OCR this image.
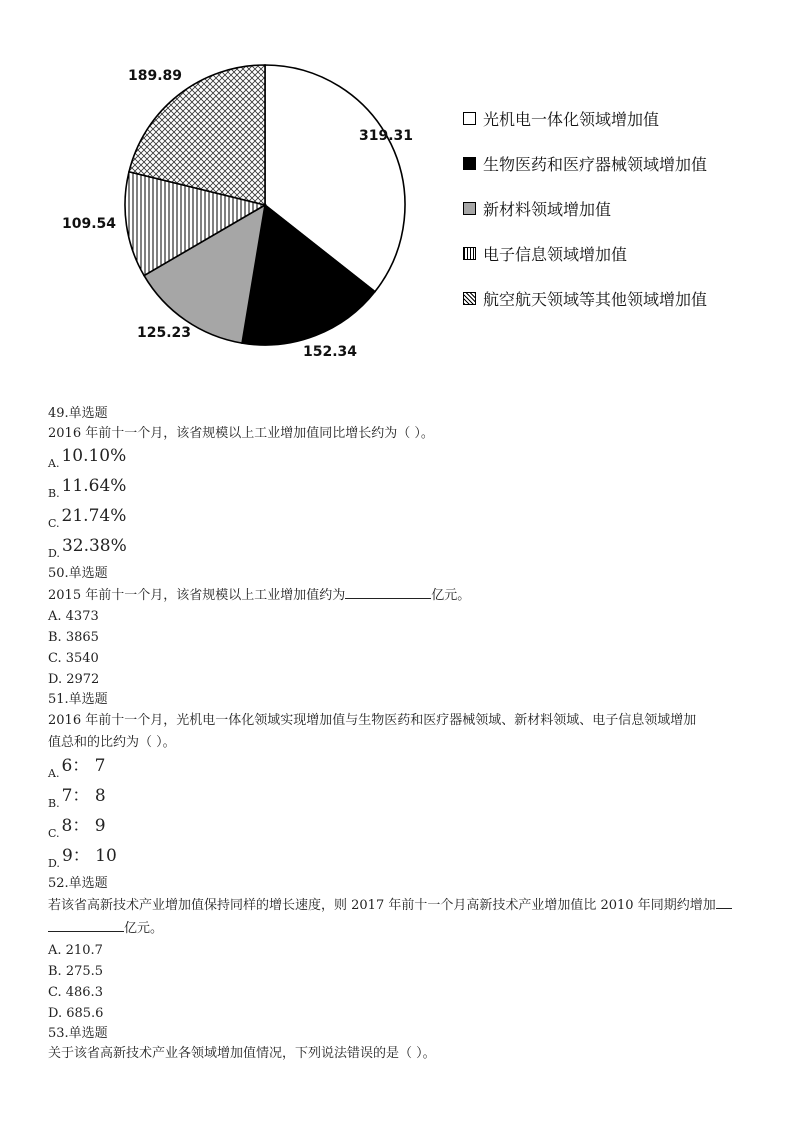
319.31
152.34
125.23
109.54
189.89
光机电一体化领域增加值
生物医药和医疗器械领域增加值
新材料领域增加值
电子信息领域增加值
航空航天领域等其他领域增加值
49.单选题
2016 年前十一个月，该省规模以上工业增加值同比增长约为（ ）。
A. 10.10%
B. 11.64%
C. 21.74%
D. 32.38%
50.单选题
2015 年前十一个月，该省规模以上工业增加值约为	亿元。
A. 4373
B. 3865
C. 3540
D. 2972
51.单选题
2016 年前十一个月，光机电一体化领域实现增加值与生物医药和医疗器械领域、新材料领域、电子信息领域增加
值总和的比约为（ ）。
A. 6： 7
B. 7： 8
C. 8： 9
D. 9： 10
52.单选题
若该省高新技术产业增加值保持同样的增长速度，则 2017 年前十一个月高新技术产业增加值比 2010 年同期约增加
亿元。
A. 210.7
B. 275.5
C. 486.3
D. 685.6
53.单选题
关于该省高新技术产业各领域增加值情况，下列说法错误的是（ ）。
